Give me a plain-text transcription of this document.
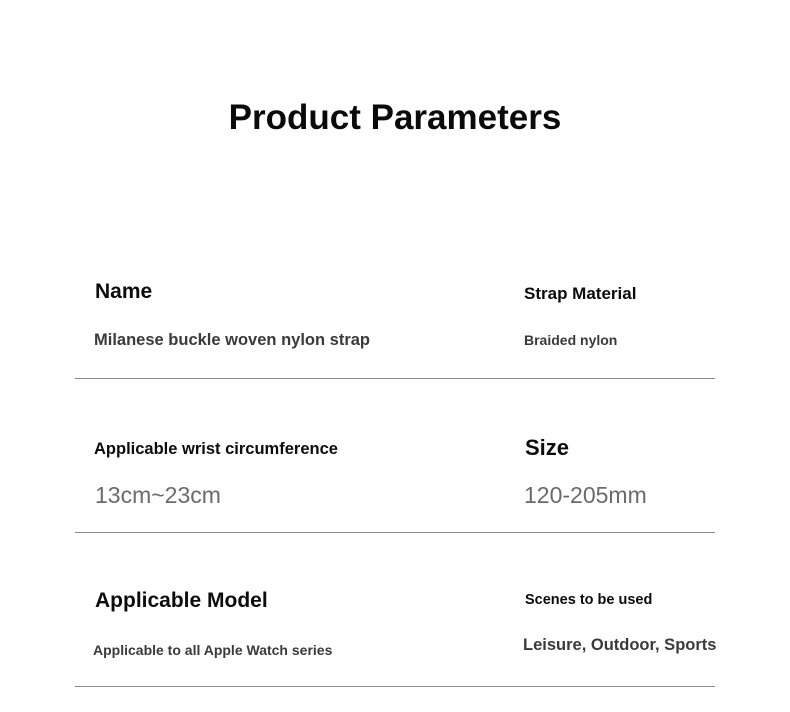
Product Parameters
Name
Milanese buckle woven nylon strap
Strap Material
Braided nylon
Applicable wrist circumference
13cm~23cm
Size
120-205mm
Applicable Model
Applicable to all Apple Watch series
Scenes to be used
Leisure, Outdoor, Sports
